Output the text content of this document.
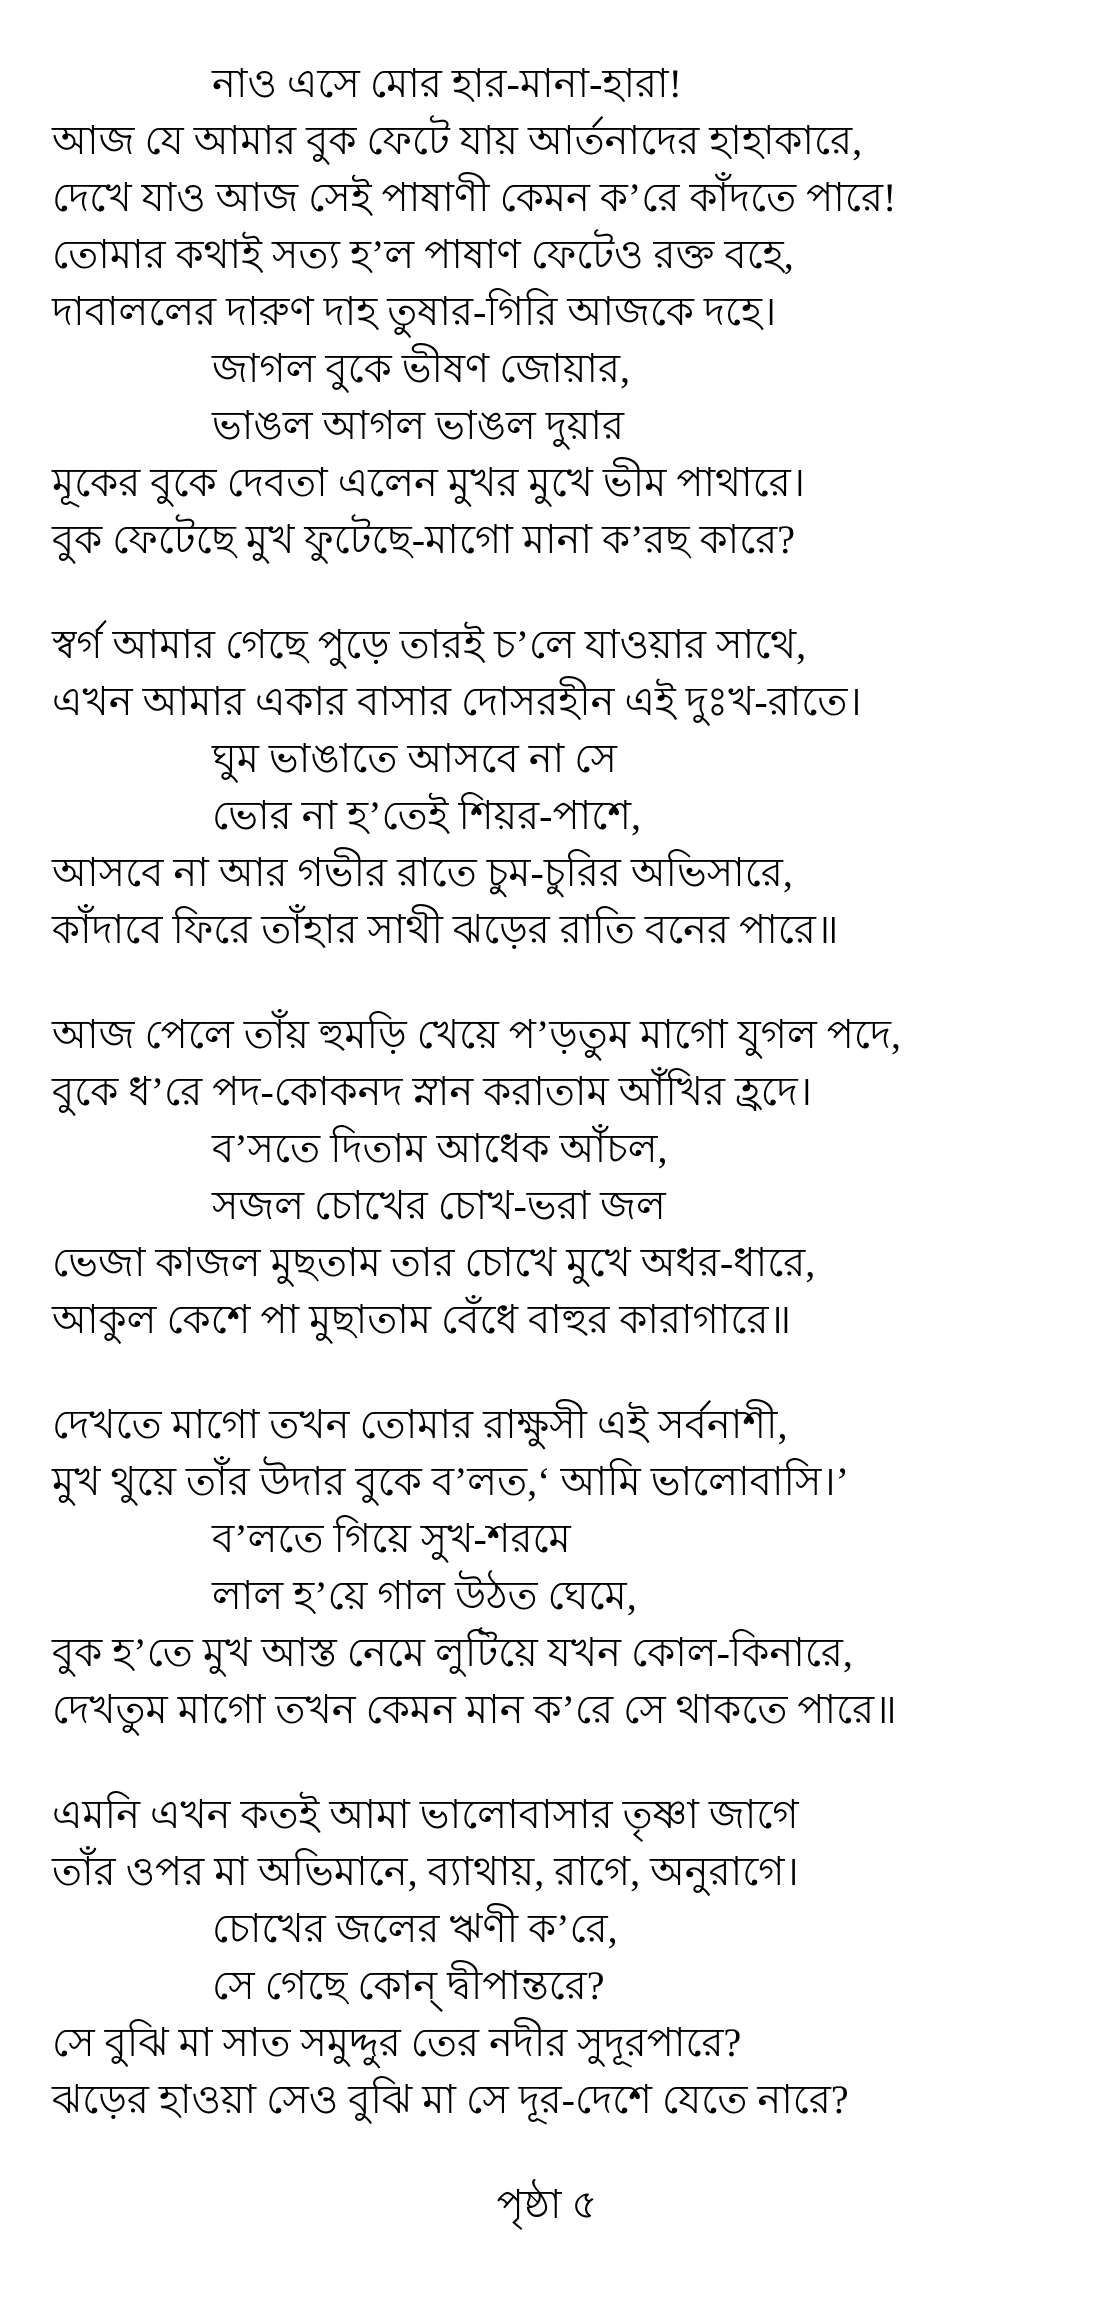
নাও এসে মোর হার-মানা-হারা!
আজ যে আমার বুক ফেটে যায় আর্তনাদের হাহাকারে,
দেখে যাও আজ সেই পাষাণী কেমন ক’রে কাঁদতে পারে!
তোমার কথাই সত্য হ’ল পাষাণ ফেটেও রক্ত বহে,
দাবাললের দারুণ দাহ তুষার-গিরি আজকে দহে।
জাগল বুকে ভীষণ জোয়ার,
ভাঙল আগল ভাঙল দুয়ার
মূকের বুকে দেবতা এলেন মুখর মুখে ভীম পাথারে।
বুক ফেটেছে মুখ ফুটেছে-মাগো মানা ক’রছ কারে?
স্বর্গ আমার গেছে পুড়ে তারই চ’লে যাওয়ার সাথে,
এখন আমার একার বাসার দোসরহীন এই দুঃখ-রাতে।
ঘুম ভাঙাতে আসবে না সে
ভোর না হ’তেই শিয়র-পাশে,
আসবে না আর গভীর রাতে চুম-চুরির অভিসারে,
কাঁদাবে ফিরে তাঁহার সাথী ঝড়ের রাতি বনের পারে॥
আজ পেলে তাঁয় হুমড়ি খেয়ে প’ড়তুম মাগো যুগল পদে,
বুকে ধ’রে পদ-কোকনদ স্নান করাতাম আঁখির হ্রদে।
ব’সতে দিতাম আধেক আঁচল,
সজল চোখের চোখ-ভরা জল
ভেজা কাজল মুছতাম তার চোখে মুখে অধর-ধারে,
আকুল কেশে পা মুছাতাম বেঁধে বাহুর কারাগারে॥
দেখতে মাগো তখন তোমার রাক্ষুসী এই সর্বনাশী,
মুখ থুয়ে তাঁর উদার বুকে ব’লত,‘ আমি ভালোবাসি।’
ব’লতে গিয়ে সুখ-শরমে
লাল হ’য়ে গাল উঠত ঘেমে,
বুক হ’তে মুখ আস্ত নেমে লুটিয়ে যখন কোল-কিনারে,
দেখতুম মাগো তখন কেমন মান ক’রে সে থাকতে পারে॥
এমনি এখন কতই আমা ভালোবাসার তৃষ্ণা জাগে
তাঁর ওপর মা অভিমানে, ব্যাথায়, রাগে, অনুরাগে।
চোখের জলের ঋণী ক’রে,
সে গেছে কোন্ দ্বীপান্তরে?
সে বুঝি মা সাত সমুদ্দুর তের নদীর সুদূরপারে?
ঝড়ের হাওয়া সেও বুঝি মা সে দূর-দেশে যেতে নারে?
পৃষ্ঠা ৫
